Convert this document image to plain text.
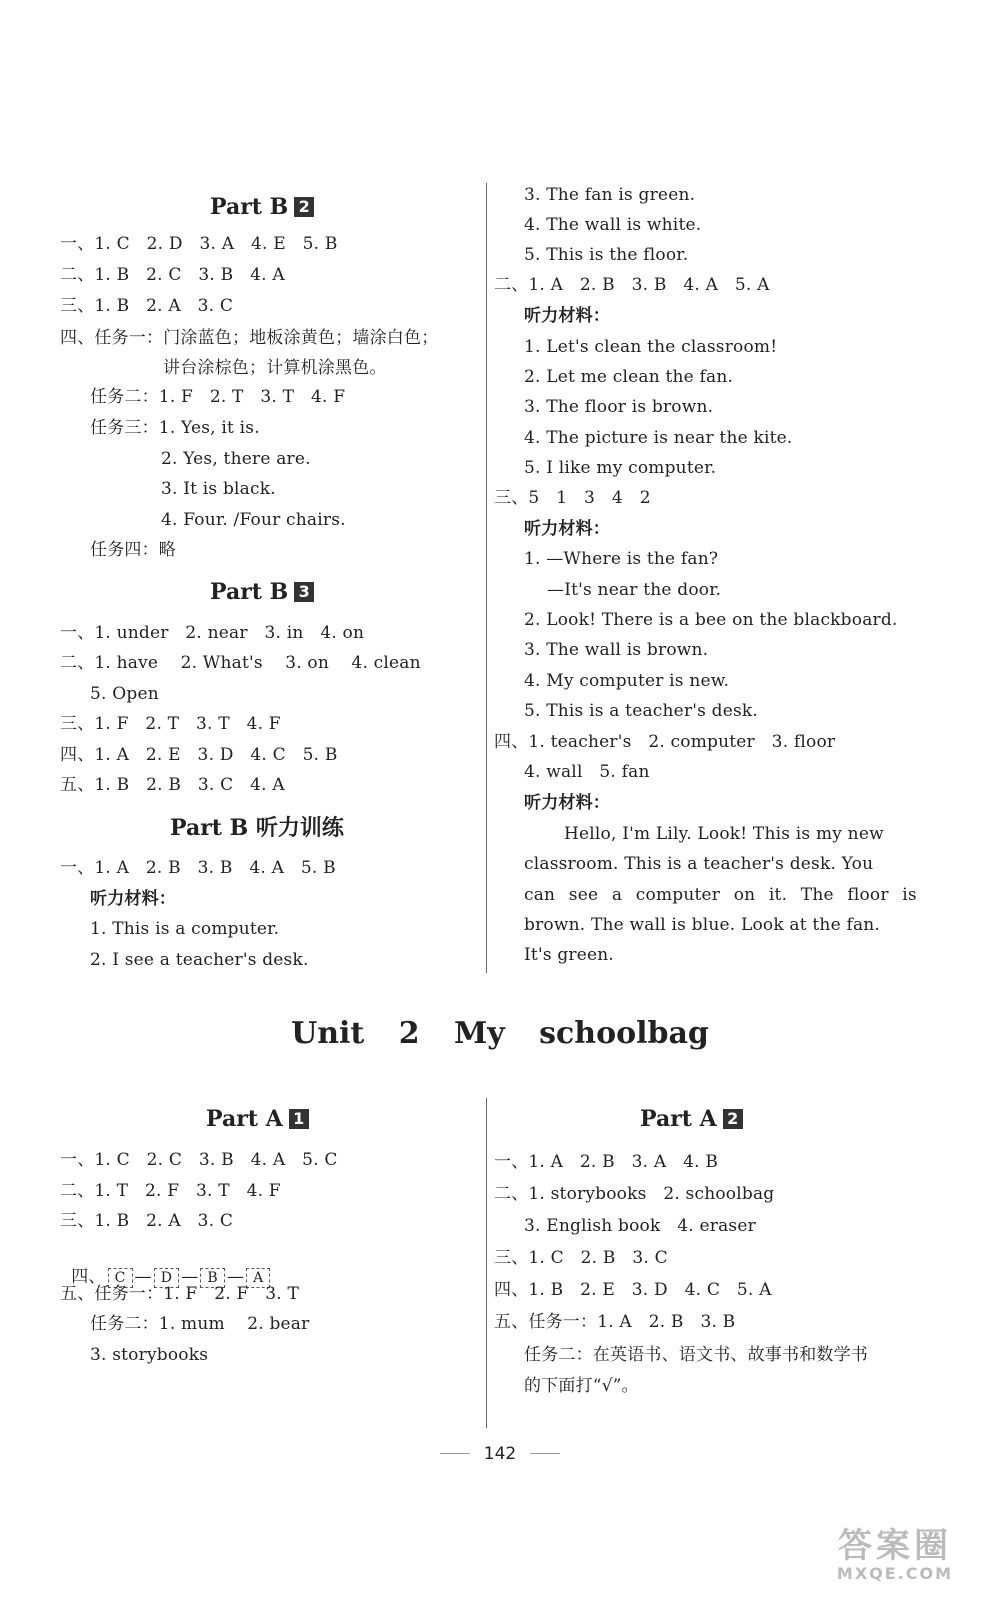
Part B 2
一、1. C   2. D   3. A   4. E   5. B
二、1. B   2. C   3. B   4. A
三、1. B   2. A   3. C
四、任务一：门涂蓝色；地板涂黄色；墙涂白色；
讲台涂棕色；计算机涂黑色。
任务二：1. F   2. T   3. T   4. F
任务三：1. Yes, it is.
2. Yes, there are.
3. It is black.
4. Four. /Four chairs.
任务四：略
Part B 3
一、1. under   2. near   3. in   4. on
二、1. have    2. What's    3. on    4. clean
5. Open
三、1. F   2. T   3. T   4. F
四、1. A   2. E   3. D   4. C   5. B
五、1. B   2. B   3. C   4. A
Part B 听力训练
一、1. A   2. B   3. B   4. A   5. B
听力材料：
1. This is a computer.
2. I see a teacher's desk.
3. The fan is green.
4. The wall is white.
5. This is the floor.
二、1. A   2. B   3. B   4. A   5. A
听力材料：
1. Let's clean the classroom!
2. Let me clean the fan.
3. The floor is brown.
4. The picture is near the kite.
5. I like my computer.
三、5   1   3   4   2
听力材料：
1. —Where is the fan?
—It's near the door.
2. Look! There is a bee on the blackboard.
3. The wall is brown.
4. My computer is new.
5. This is a teacher's desk.
四、1. teacher's   2. computer   3. floor
4. wall   5. fan
听力材料：
Hello, I'm Lily. Look! This is my new
classroom. This is a teacher's desk. You
can see a computer on it. The floor is
brown. The wall is blue. Look at the fan.
It's green.
Unit 2 My schoolbag
Part A 1
一、1. C   2. C   3. B   4. A   5. C
二、1. T   2. F   3. T   4. F
三、1. B   2. A   3. C

四、 C — D — B — A

五、任务一：1. F   2. F   3. T
任务二：1. mum    2. bear
3. storybooks
Part A 2
一、1. A   2. B   3. A   4. B
二、1. storybooks   2. schoolbag
3. English book   4. eraser
三、1. C   2. B   3. C
四、1. B   2. E   3. D   4. C   5. A
五、任务一：1. A   2. B   3. B
任务二：在英语书、语文书、故事书和数学书
的下面打“√”。
142
答案圈
MXQE.COM
